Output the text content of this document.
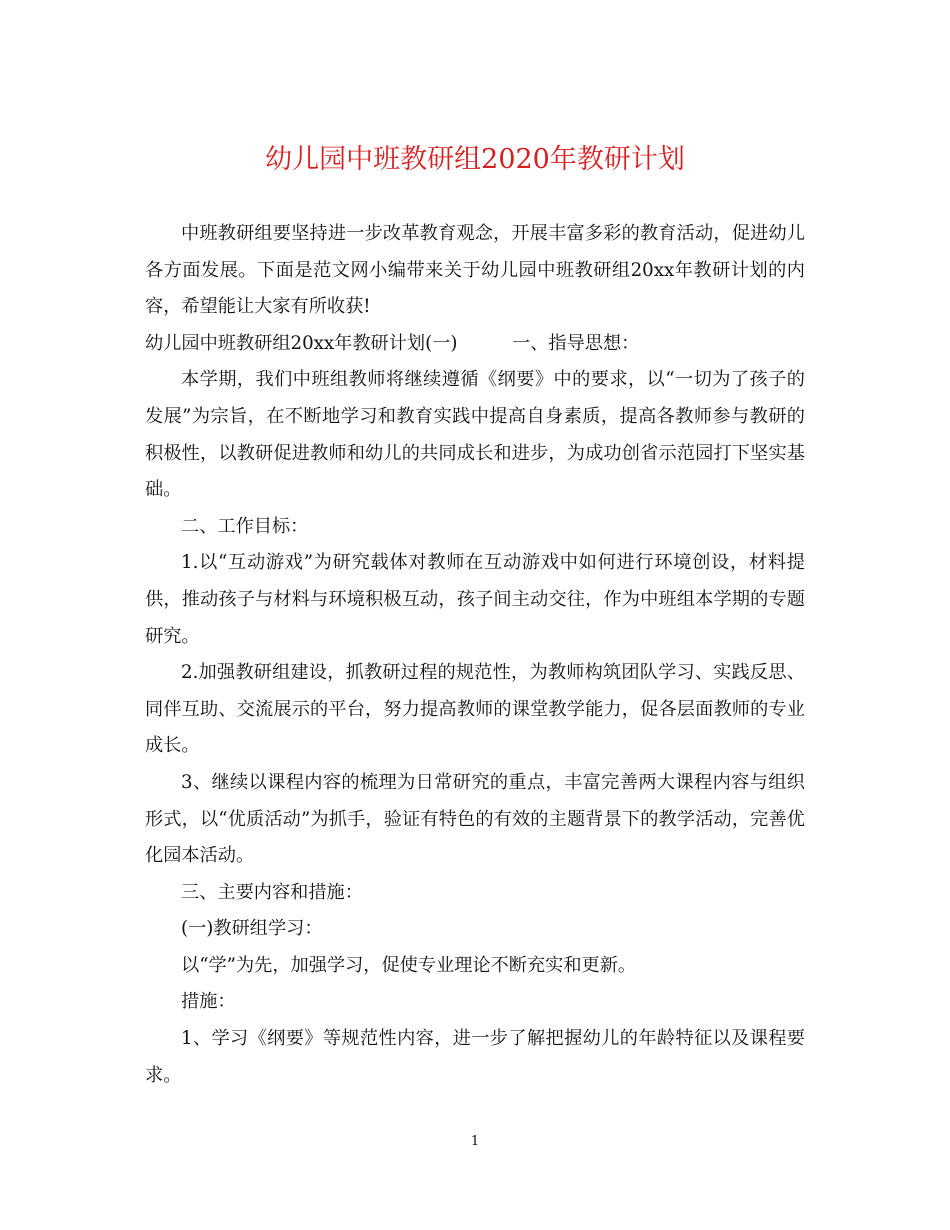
幼儿园中班教研组2020年教研计划

中班教研组要坚持进一步改革教育观念，开展丰富多彩的教育活动，促进幼儿各方面发展。下面是范文网小编带来关于幼儿园中班教研组20xx年教研计划的内容，希望能让大家有所收获!

幼儿园中班教研组20xx年教研计划(一)　　　一、指导思想：

本学期，我们中班组教师将继续遵循《纲要》中的要求，以“一切为了孩子的发展”为宗旨，在不断地学习和教育实践中提高自身素质，提高各教师参与教研的积极性，以教研促进教师和幼儿的共同成长和进步，为成功创省示范园打下坚实基础。

二、工作目标：

1.以“互动游戏”为研究载体对教师在互动游戏中如何进行环境创设，材料提供，推动孩子与材料与环境积极互动，孩子间主动交往，作为中班组本学期的专题研究。

2.加强教研组建设，抓教研过程的规范性，为教师构筑团队学习、实践反思、同伴互助、交流展示的平台，努力提高教师的课堂教学能力，促各层面教师的专业成长。

3、继续以课程内容的梳理为日常研究的重点，丰富完善两大课程内容与组织形式，以“优质活动”为抓手，验证有特色的有效的主题背景下的教学活动，完善优化园本活动。

三、主要内容和措施：

(一)教研组学习：

以“学”为先，加强学习，促使专业理论不断充实和更新。

措施：

1、学习《纲要》等规范性内容，进一步了解把握幼儿的年龄特征以及课程要求。

1
